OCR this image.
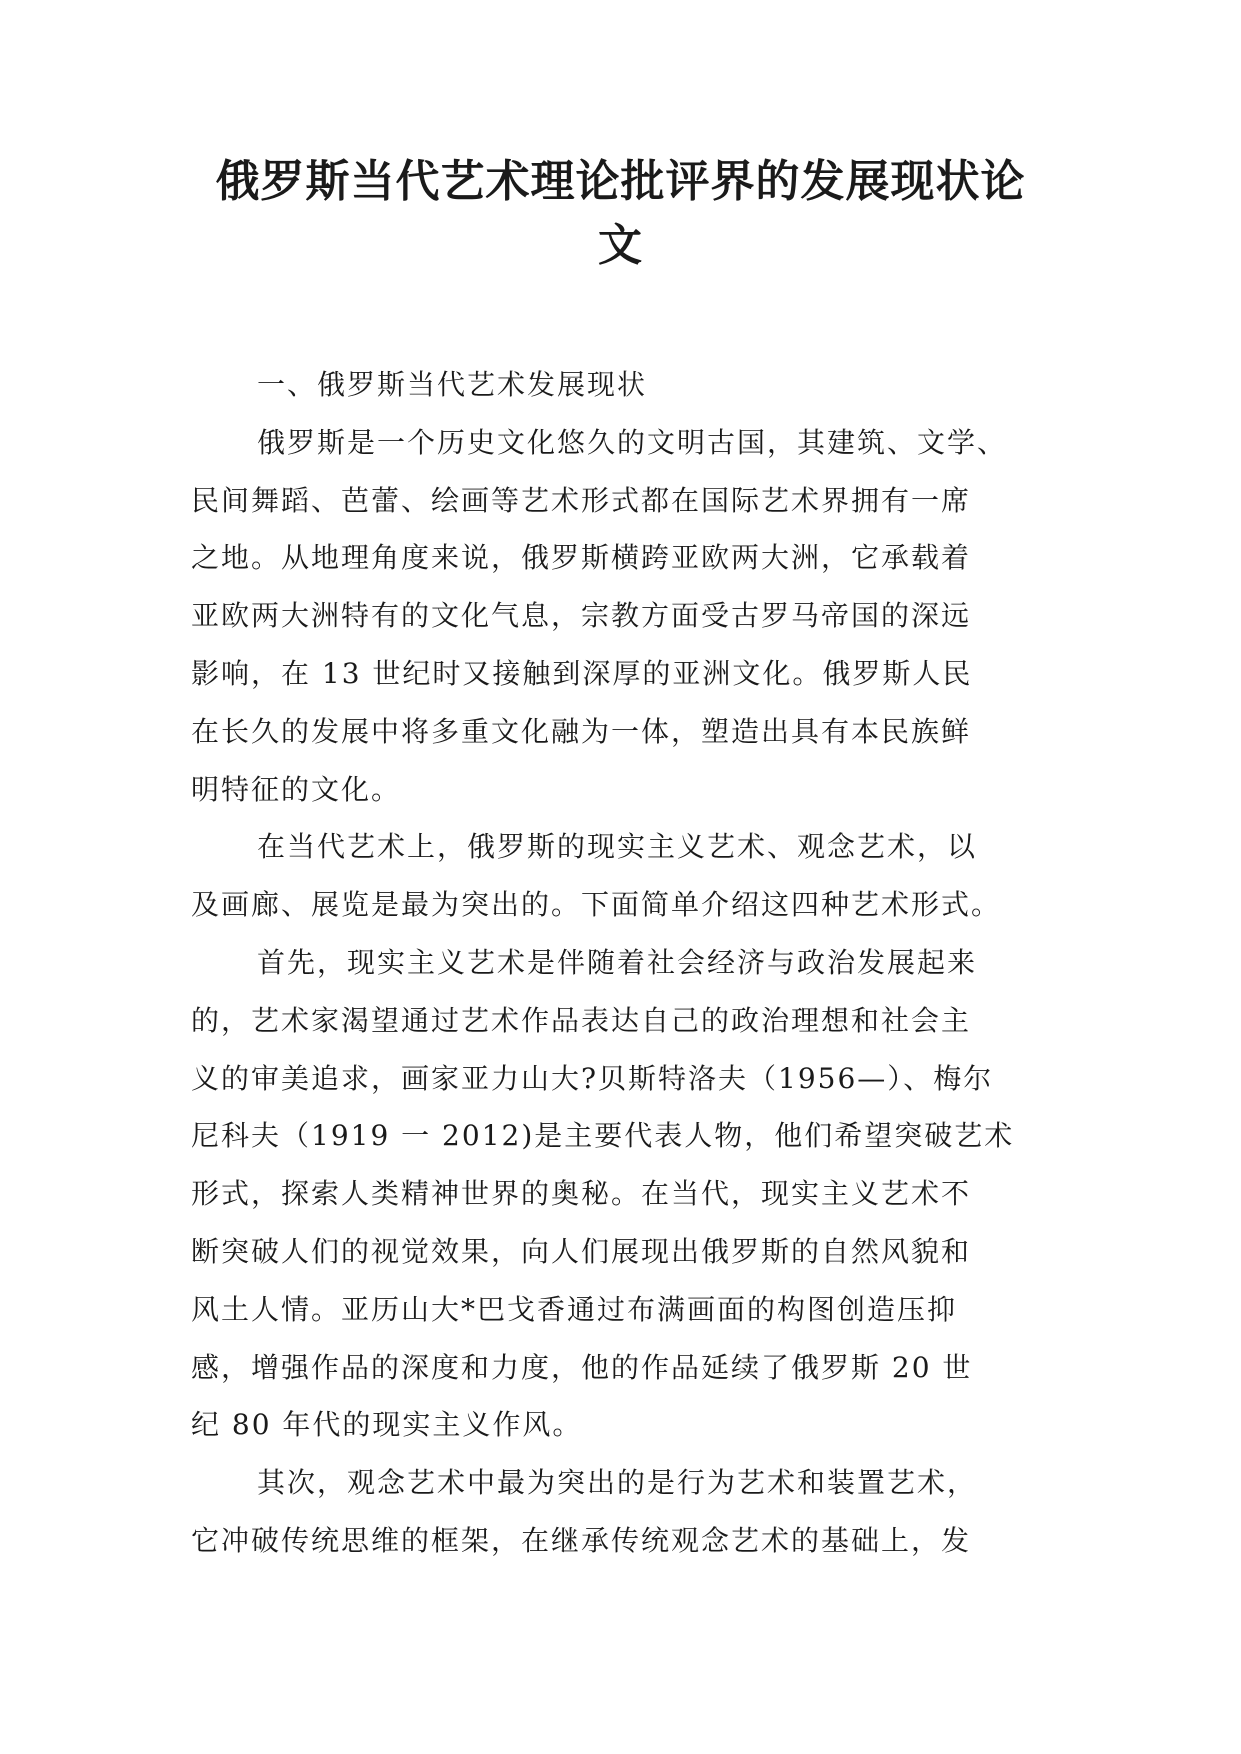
俄罗斯当代艺术理论批评界的发展现状论
文
一、俄罗斯当代艺术发展现状
俄罗斯是一个历史文化悠久的文明古国，其建筑、文学、
民间舞蹈、芭蕾、绘画等艺术形式都在国际艺术界拥有一席
之地。从地理角度来说，俄罗斯横跨亚欧两大洲，它承载着
亚欧两大洲特有的文化气息，宗教方面受古罗马帝国的深远
影响，在 13 世纪时又接触到深厚的亚洲文化。俄罗斯人民
在长久的发展中将多重文化融为一体，塑造出具有本民族鲜
明特征的文化。
在当代艺术上，俄罗斯的现实主义艺术、观念艺术，以
及画廊、展览是最为突出的。下面简单介绍这四种艺术形式。
首先，现实主义艺术是伴随着社会经济与政治发展起来
的，艺术家渴望通过艺术作品表达自己的政治理想和社会主
义的审美追求，画家亚力山大?贝斯特洛夫（1956—）、梅尔
尼科夫（1919 一 2012)是主要代表人物，他们希望突破艺术
形式，探索人类精神世界的奥秘。在当代，现实主义艺术不
断突破人们的视觉效果，向人们展现出俄罗斯的自然风貌和
风土人情。亚历山大*巴戈香通过布满画面的构图创造压抑
感，增强作品的深度和力度，他的作品延续了俄罗斯 20 世
纪 80 年代的现实主义作风。
其次，观念艺术中最为突出的是行为艺术和装置艺术，
它冲破传统思维的框架，在继承传统观念艺术的基础上，发
